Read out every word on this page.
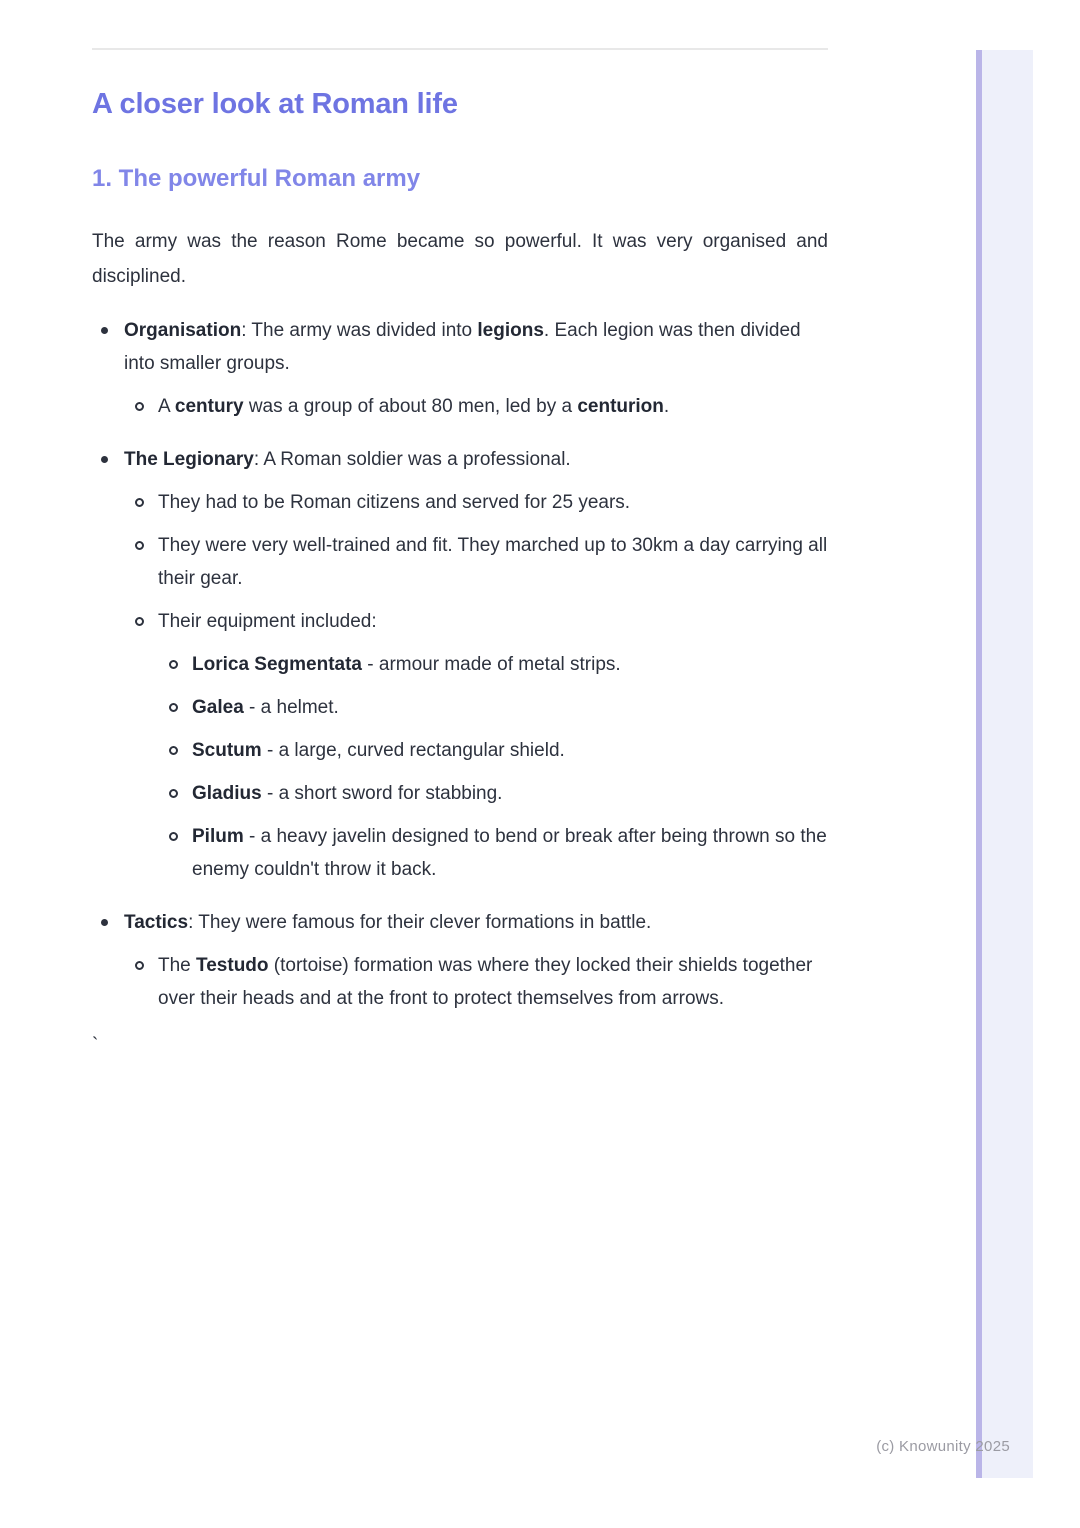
(c) Knowunity 2025
A closer look at Roman life
1. The powerful Roman army

The army was the reason Rome became so powerful. It was very organised and disciplined.

Organisation: The army was divided into legions. Each legion was then divided into smaller groups.
A century was a group of about 80 men, led by a centurion.
The Legionary: A Roman soldier was a professional.
They had to be Roman citizens and served for 25 years.
They were very well-trained and fit. They marched up to 30km a day carrying all their gear.
Their equipment included:
Lorica Segmentata - armour made of metal strips.
Galea - a helmet.
Scutum - a large, curved rectangular shield.
Gladius - a short sword for stabbing.
Pilum - a heavy javelin designed to bend or break after being thrown so the enemy couldn't throw it back.
Tactics: They were famous for their clever formations in battle.
The Testudo (tortoise) formation was where they locked their shields together over their heads and at the front to protect themselves from arrows.
`
